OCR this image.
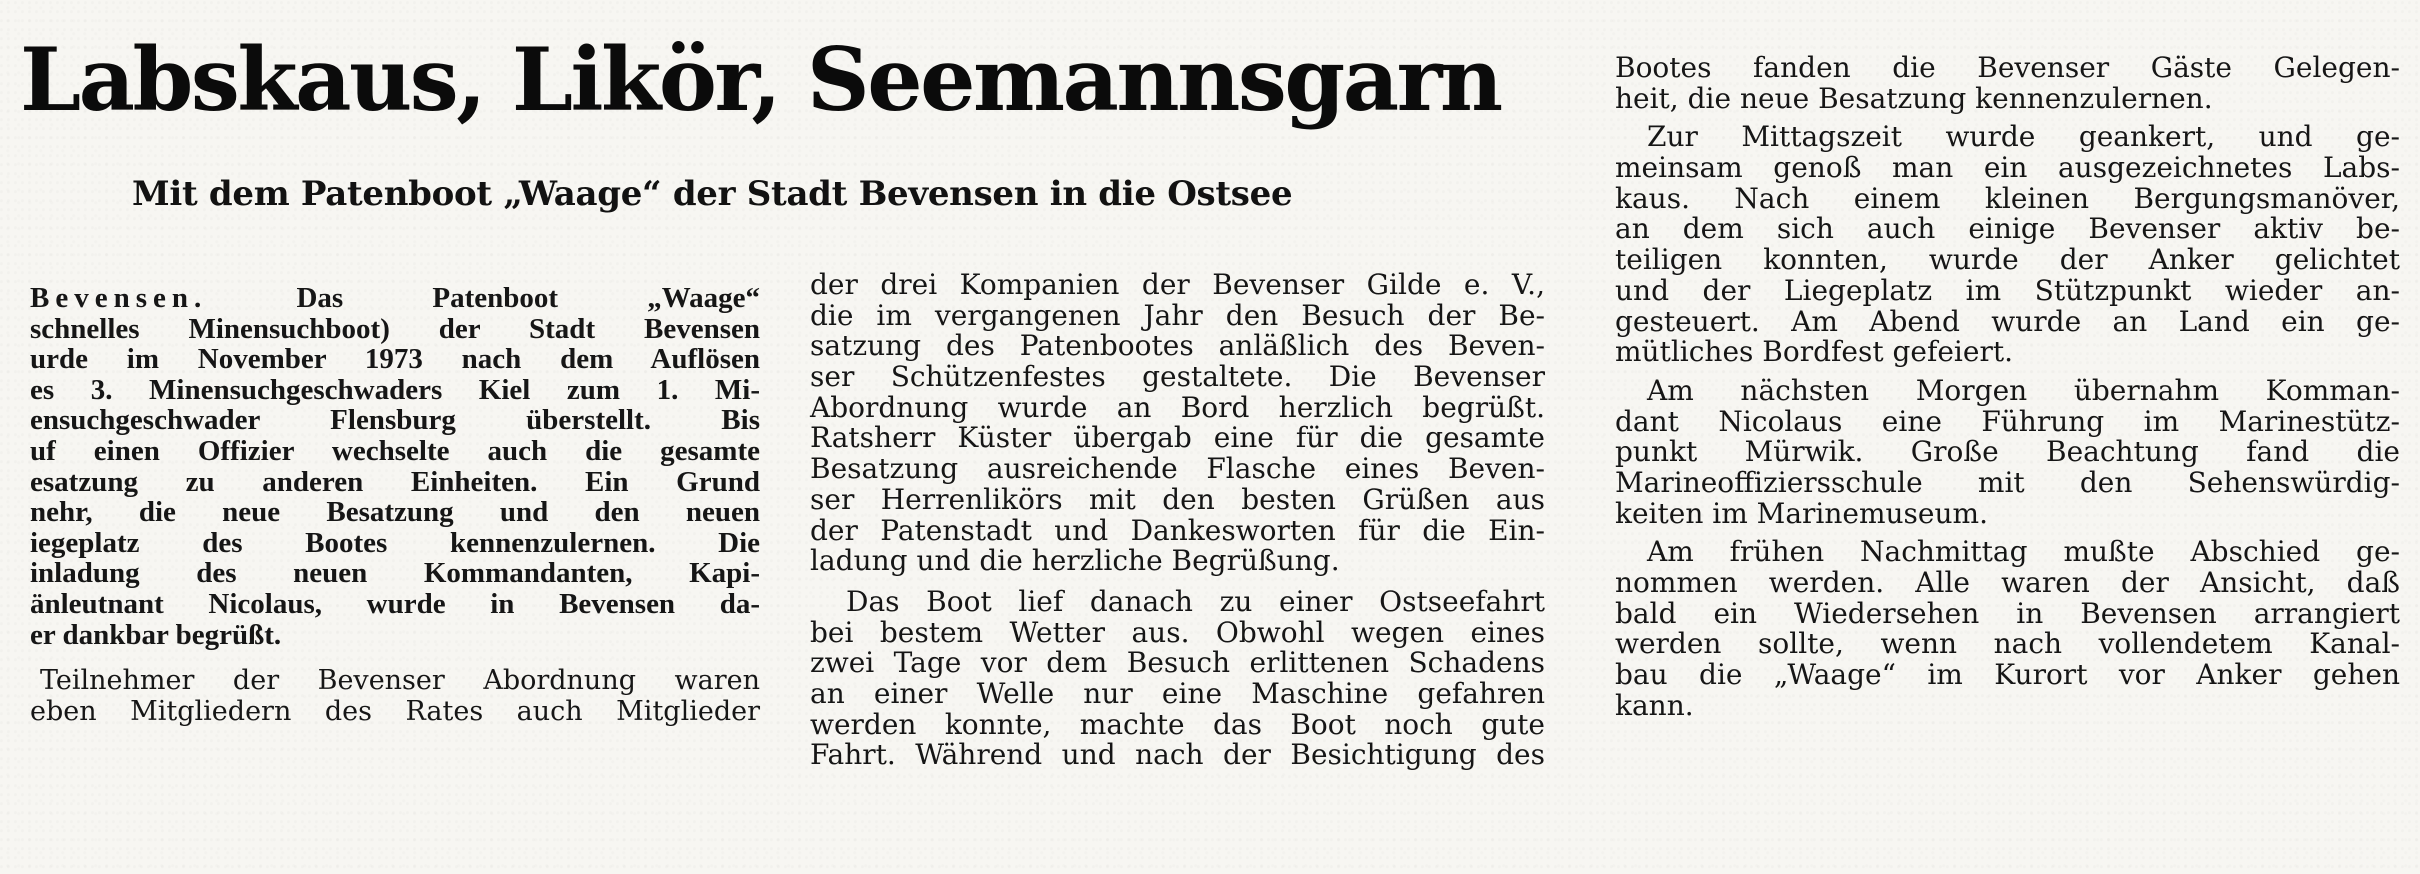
Labskaus, Likör, Seemannsgarn
Mit dem Patenboot „Waage“ der Stadt Bevensen in die Ostsee
Bevensen.	Das Patenboot „Waage“
schnelles Minensuchboot) der Stadt Bevensen
urde im November 1973 nach dem Auflösen
es 3. Minensuchgeschwaders Kiel zum 1. Mi-
ensuchgeschwader Flensburg überstellt. Bis
uf einen Offizier wechselte auch die gesamte
esatzung zu anderen Einheiten. Ein Grund
nehr, die neue Besatzung und den neuen
iegeplatz des Bootes kennenzulernen. Die
inladung des neuen Kommandanten, Kapi-
änleutnant Nicolaus, wurde in Bevensen da-
er dankbar begrüßt.
Teilnehmer der Bevenser Abordnung waren
eben Mitgliedern des Rates auch Mitglieder
der drei Kompanien der Bevenser Gilde e. V.,
die im vergangenen Jahr den Besuch der Be-
satzung des Patenbootes anläßlich des Beven-
ser Schützenfestes gestaltete. Die Bevenser
Abordnung wurde an Bord herzlich begrüßt.
Ratsherr Küster übergab eine für die gesamte
Besatzung ausreichende Flasche eines Beven-
ser Herrenlikörs mit den besten Grüßen aus
der Patenstadt und Dankesworten für die Ein-
ladung und die herzliche Begrüßung.
Das Boot lief danach zu einer Ostseefahrt
bei bestem Wetter aus. Obwohl wegen eines
zwei Tage vor dem Besuch erlittenen Schadens
an einer Welle nur eine Maschine gefahren
werden konnte, machte das Boot noch gute
Fahrt. Während und nach der Besichtigung des
Bootes fanden die Bevenser Gäste Gelegen-
heit, die neue Besatzung kennenzulernen.
Zur Mittagszeit wurde geankert, und ge-
meinsam genoß man ein ausgezeichnetes Labs-
kaus. Nach einem kleinen Bergungsmanöver,
an dem sich auch einige Bevenser aktiv be-
teiligen konnten, wurde der Anker gelichtet
und der Liegeplatz im Stützpunkt wieder an-
gesteuert. Am Abend wurde an Land ein ge-
mütliches Bordfest gefeiert.
Am nächsten Morgen übernahm Komman-
dant Nicolaus eine Führung im Marinestütz-
punkt Mürwik. Große Beachtung fand die
Marineoffiziersschule mit den Sehenswürdig-
keiten im Marinemuseum.
Am frühen Nachmittag mußte Abschied ge-
nommen werden. Alle waren der Ansicht, daß
bald ein Wiedersehen in Bevensen arrangiert
werden sollte, wenn nach vollendetem Kanal-
bau die „Waage“ im Kurort vor Anker gehen
kann.
